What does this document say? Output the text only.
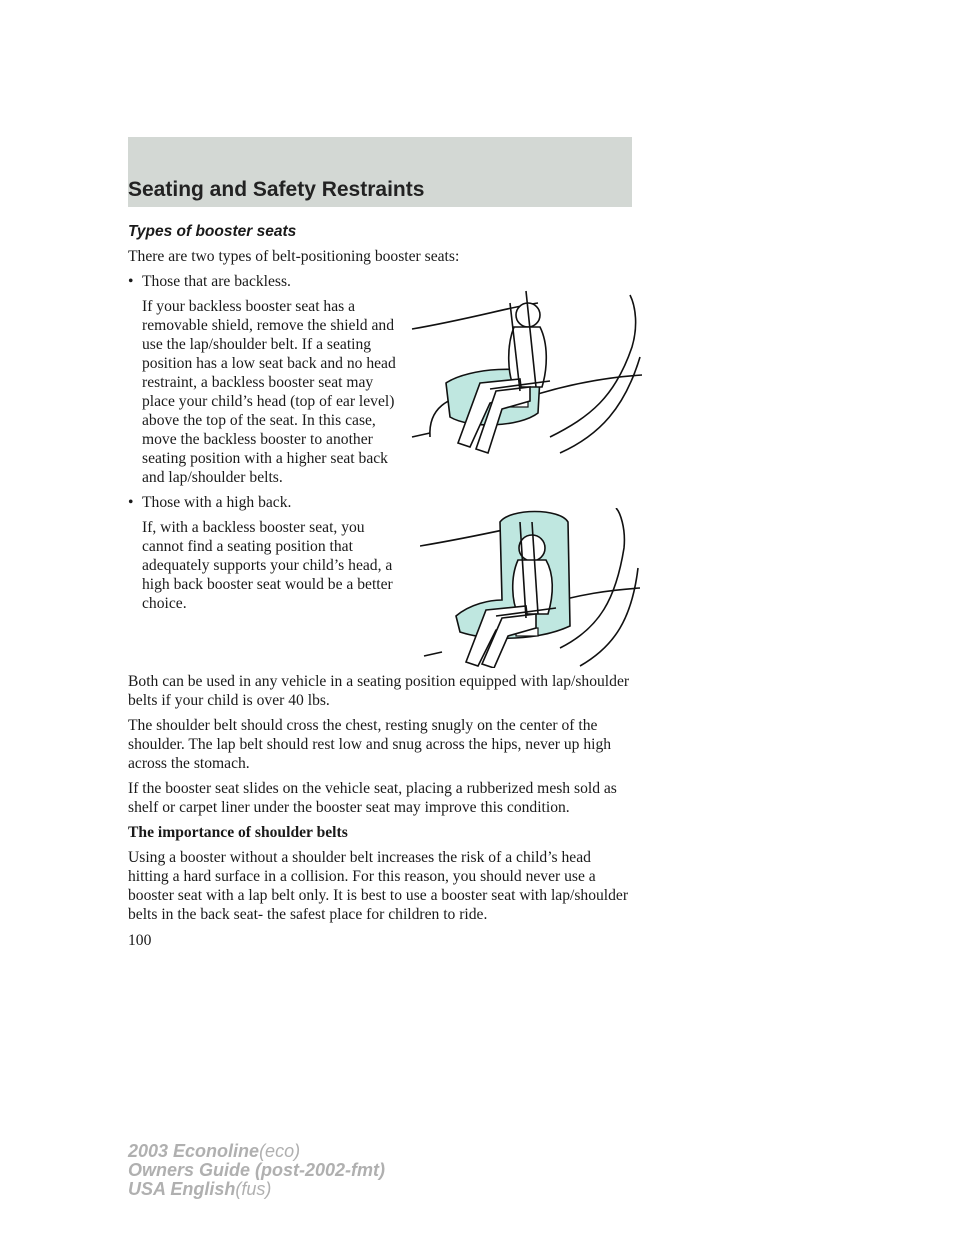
Seating and Safety Restraints
Types of booster seats

There are two types of belt-positioning booster seats:

• Those that are backless.

If your backless booster seat has a removable shield, remove the shield and use the lap/shoulder belt. If a seating position has a low seat back and no head restraint, a backless booster seat may place your child’s head (top of ear level) above the top of the seat. In this case, move the backless booster to another seating position with a higher seat back and lap/shoulder belts.

• Those with a high back.

If, with a backless booster seat, you cannot find a seating position that adequately supports your child’s head, a high back booster seat would be a better choice.

Both can be used in any vehicle in a seating position equipped with lap/shoulder belts if your child is over 40 lbs.

The shoulder belt should cross the chest, resting snugly on the center of the shoulder. The lap belt should rest low and snug across the hips, never up high across the stomach.

If the booster seat slides on the vehicle seat, placing a rubberized mesh sold as shelf or carpet liner under the booster seat may improve this condition.

The importance of shoulder belts

Using a booster without a shoulder belt increases the risk of a child’s head hitting a hard surface in a collision. For this reason, you should never use a booster seat with a lap belt only. It is best to use a booster seat with lap/shoulder belts in the back seat- the safest place for children to ride.

100
2003 Econoline(eco)
Owners Guide (post-2002-fmt)
USA English(fus)
